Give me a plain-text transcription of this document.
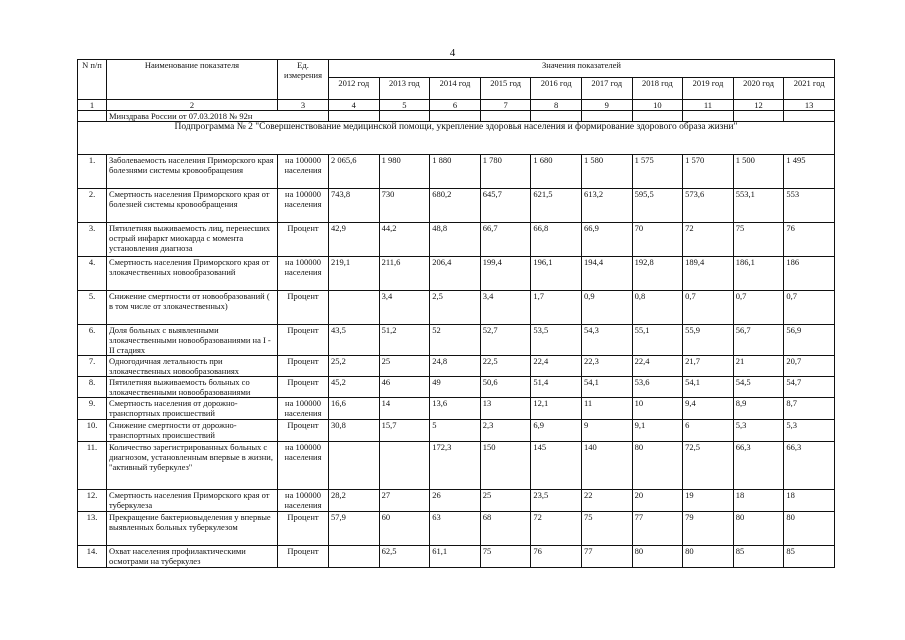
4
N п/п	Наименование показателя	Ед. измерения	Значения показателей									
			2012 год	2013 год	2014 год	2015 год	2016 год	2017 год	2018 год	2019 год	2020 год	2021 год
1	2	3	4	5	6	7	8	9	10	11	12	13
	Минздрава России от 07.03.2018 № 92н											
Подпрограмма № 2 "Совершенствование медицинской помощи, укрепление здоровья населения и формирование здорового образа жизни"												
1.	Заболеваемость населения Приморского края болезнями системы кровообращения	на 100000 населения	2 065,6	1 980	1 880	1 780	1 680	1 580	1 575	1 570	1 500	1 495
2.	Смертность населения Приморского края от болезней системы кровообращения	на 100000 населения	743,8	730	680,2	645,7	621,5	613,2	595,5	573,6	553,1	553
3.	Пятилетняя выживаемость лиц, перенесших острый инфаркт миокарда с момента установления диагноза	Процент	42,9	44,2	48,8	66,7	66,8	66,9	70	72	75	76
4.	Смертность населения Приморского края от злокачественных новообразований	на 100000 населения	219,1	211,6	206,4	199,4	196,1	194,4	192,8	189,4	186,1	186
5.	Снижение смертности от новообразований ( в том числе от злокачественных)	Процент		3,4	2,5	3,4	1,7	0,9	0,8	0,7	0,7	0,7
6.	Доля больных с выявленными злокачественными новообразованиями на I - II стадиях	Процент	43,5	51,2	52	52,7	53,5	54,3	55,1	55,9	56,7	56,9
7.	Одногодичная летальность при злокачественных новообразованиях	Процент	25,2	25	24,8	22,5	22,4	22,3	22,4	21,7	21	20,7
8.	Пятилетняя выживаемость больных со злокачественными новообразованиями	Процент	45,2	46	49	50,6	51,4	54,1	53,6	54,1	54,5	54,7
9.	Смертность населения от дорожно-транспортных происшествий	на 100000 населения	16,6	14	13,6	13	12,1	11	10	9,4	8,9	8,7
10.	Снижение смертности от дорожно-транспортных происшествий	Процент	30,8	15,7	5	2,3	6,9	9	9,1	6	5,3	5,3
11.	Количество зарегистрированных больных с диагнозом, установленным впервые в жизни, "активный туберкулез"	на 100000 населения			172,3	150	145	140	80	72,5	66,3	66,3
12.	Смертность населения Приморского края от туберкулеза	на 100000 населения	28,2	27	26	25	23,5	22	20	19	18	18
13.	Прекращение бактериовыделения у впервые выявленных больных туберкулезом	Процент	57,9	60	63	68	72	75	77	79	80	80
14.	Охват населения профилактическими осмотрами на туберкулез	Процент		62,5	61,1	75	76	77	80	80	85	85
